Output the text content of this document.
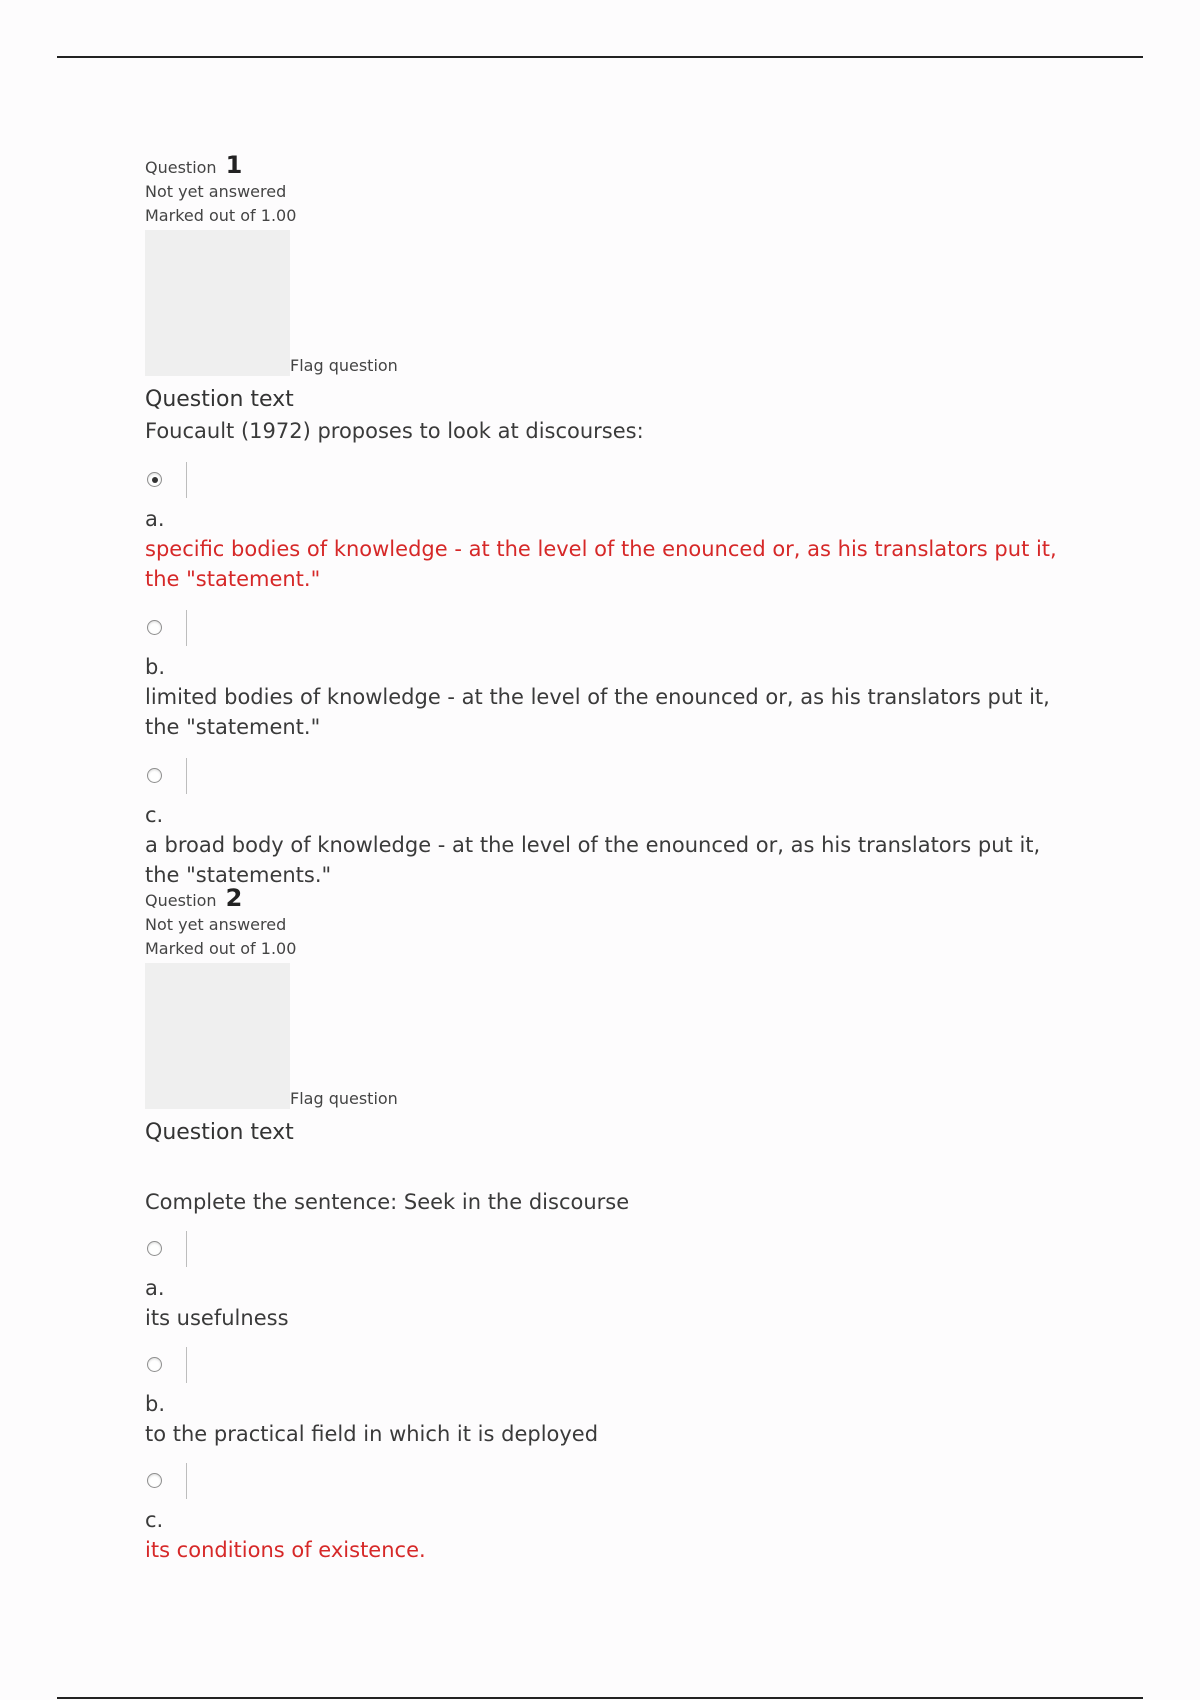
Question 1
Not yet answered
Marked out of 1.00
Flag question
Question text
Foucault (1972) proposes to look at discourses:
a.
specific bodies of knowledge - at the level of the enounced or, as his translators put it, the "statement."
b.
limited bodies of knowledge - at the level of the enounced or, as his translators put it, the "statement."
c.
a broad body of knowledge - at the level of the enounced or, as his translators put it, the "statements."
Question 2
Not yet answered
Marked out of 1.00
Flag question
Question text
Complete the sentence: Seek in the discourse
a.
its usefulness
b.
to the practical field in which it is deployed
c.
its conditions of existence.
